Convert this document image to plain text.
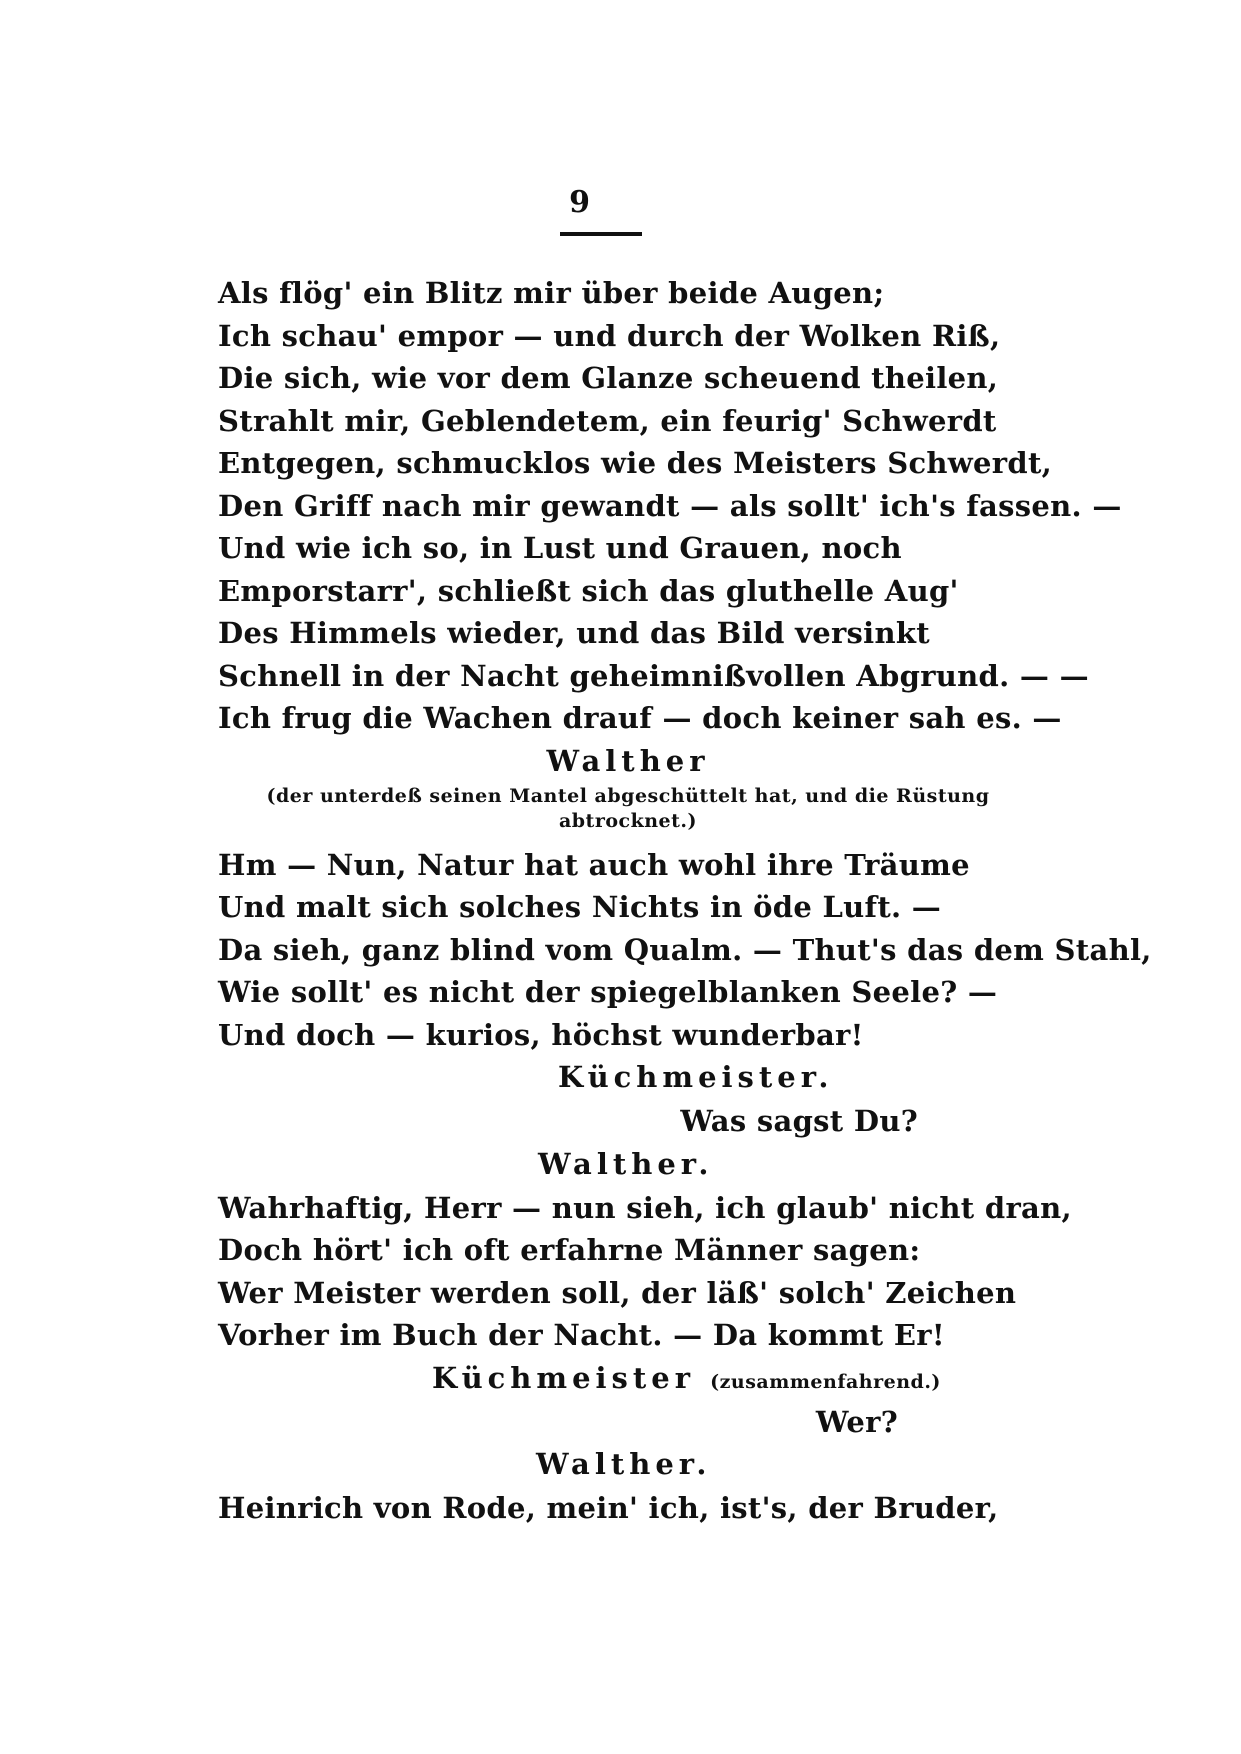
9
Als flög' ein Blitz mir über beide Augen;
Ich schau' empor — und durch der Wolken Riß,
Die sich, wie vor dem Glanze scheuend theilen,
Strahlt mir, Geblendetem, ein feurig' Schwerdt
Entgegen, schmucklos wie des Meisters Schwerdt,
Den Griff nach mir gewandt — als sollt' ich's fassen. —
Und wie ich so, in Lust und Grauen, noch
Emporstarr', schließt sich das gluthelle Aug'
Des Himmels wieder, und das Bild versinkt
Schnell in der Nacht geheimnißvollen Abgrund. — —
Ich frug die Wachen drauf — doch keiner sah es. —
Walther
(der unterdeß seinen Mantel abgeschüttelt hat, und die Rüstung abtrocknet.)
Hm — Nun, Natur hat auch wohl ihre Träume
Und malt sich solches Nichts in öde Luft. —
Da sieh, ganz blind vom Qualm. — Thut's das dem Stahl,
Wie sollt' es nicht der spiegelblanken Seele? —
Und doch — kurios, höchst wunderbar!
Küchmeister.
Was sagst Du?
Walther.
Wahrhaftig, Herr — nun sieh, ich glaub' nicht dran,
Doch hört' ich oft erfahrne Männer sagen:
Wer Meister werden soll, der läß' solch' Zeichen
Vorher im Buch der Nacht. — Da kommt Er!
Küchmeister (zusammenfahrend.)
Wer?
Walther.
Heinrich von Rode, mein' ich, ist's, der Bruder,
